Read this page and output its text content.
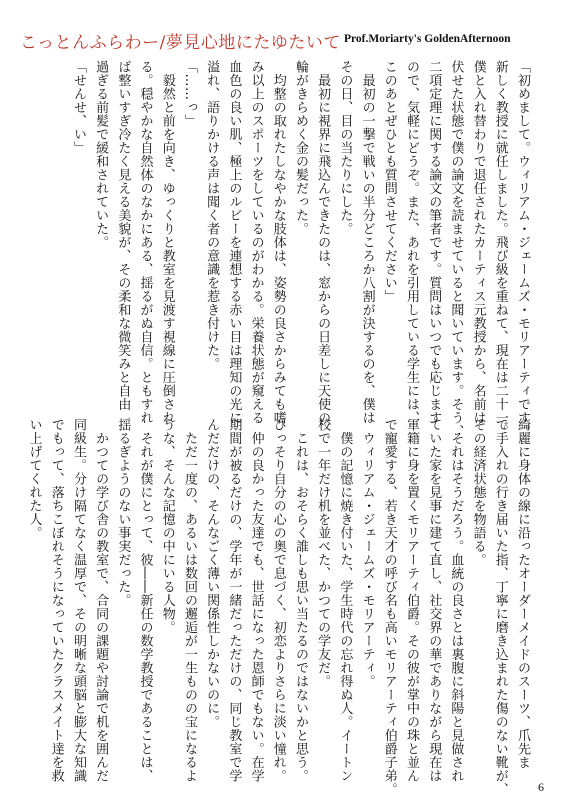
こっとんふらわー/夢見心地にたゆたいて Prof.Moriarty's GoldenAfternoon

「初めまして。ウィリアム・ジェームズ・モリアーティです。

新しく教授に就任しました。飛び級を重ねて、現在は二十一。

僕と入れ替わりで退任されたカーティス元教授から、名前は

伏せた状態で僕の論文を読ませていると聞いています。そう、

二項定理に関する論文の筆者です。質問はいつでも応じます

ので、気軽にどうぞ。また、あれを引用している学生には、

このあとぜひとも質問させてください」

　最初の一撃で戦いの半分どころか八割が決するのを、僕は

その日、目の当たりにした。

　最初に視界に飛込んできたのは、窓からの日差しに天使の

輪がきらめく金の髪だった。

　均整の取れたしなやかな肢体は、姿勢の良さからみても嗜

み以上のスポーツをしているのがわかる。栄養状態が窺える

血色の良い肌、極上のルビーを連想する赤い目は理知の光に

溢れ、語りかける声は聞く者の意識を惹き付けた。

「……っ」

　毅然と前を向き、ゆっくりと教室を見渡す視線に圧倒され

る。穏やかな自然体のなかにある、揺るがぬ自信。ともすれ

ば整いすぎ冷たく見える美貌が、その柔和な微笑みと自由

過ぎる前髪で緩和されていた。

「せんせ、い」

綺麗に身体の線に沿ったオーダーメイドのスーツ、爪先ま

で手入れの行き届いた指、丁寧に磨き込まれた傷のない靴が、

その経済状態を物語る。

　それはそうだろう。血統の良さとは裏腹に斜陽と見做され

ていた家を見事に建て直し、社交界の華でありながら現在は

軍籍に身を置くモリアーティ伯爵。その彼が掌中の珠と並ん

で寵愛する、若き天才の呼び名も高いモリアーティ伯爵子弟。

　ウィリアム・ジェームズ・モリアーティ。

　僕の記憶に焼き付いた、学生時代の忘れ得ぬ人。イートン

校で一年だけ机を並べた、かつての学友だ。

　これは、おそらく誰しも思い当たるのではないかと思う。

ひっそり自分の心の奥で息づく、初恋よりさらに淡い憧れ。

　仲の良かった友達でも、世話になった恩師でもない。在学

期間が被るだけの、学年が一緒だっただけの、同じ教室で学

んだだけの、そんなごく薄い関係性しかないのに。

　ただ一度の、あるいは数回の邂逅が一生ものの宝になるよ

うな、そんな記憶の中にいる人物。

　それが僕にとって、彼――新任の数学教授であることは、

揺るぎようのない事実だった。

　かつての学び舎の教室で、合同の課題や討論で机を囲んだ

同級生。分け隔てなく温厚で、その明晰な頭脳と膨大な知識

でもって、落ちこぼれそうになっていたクラスメイト達を救

い上げてくれた人。

6
